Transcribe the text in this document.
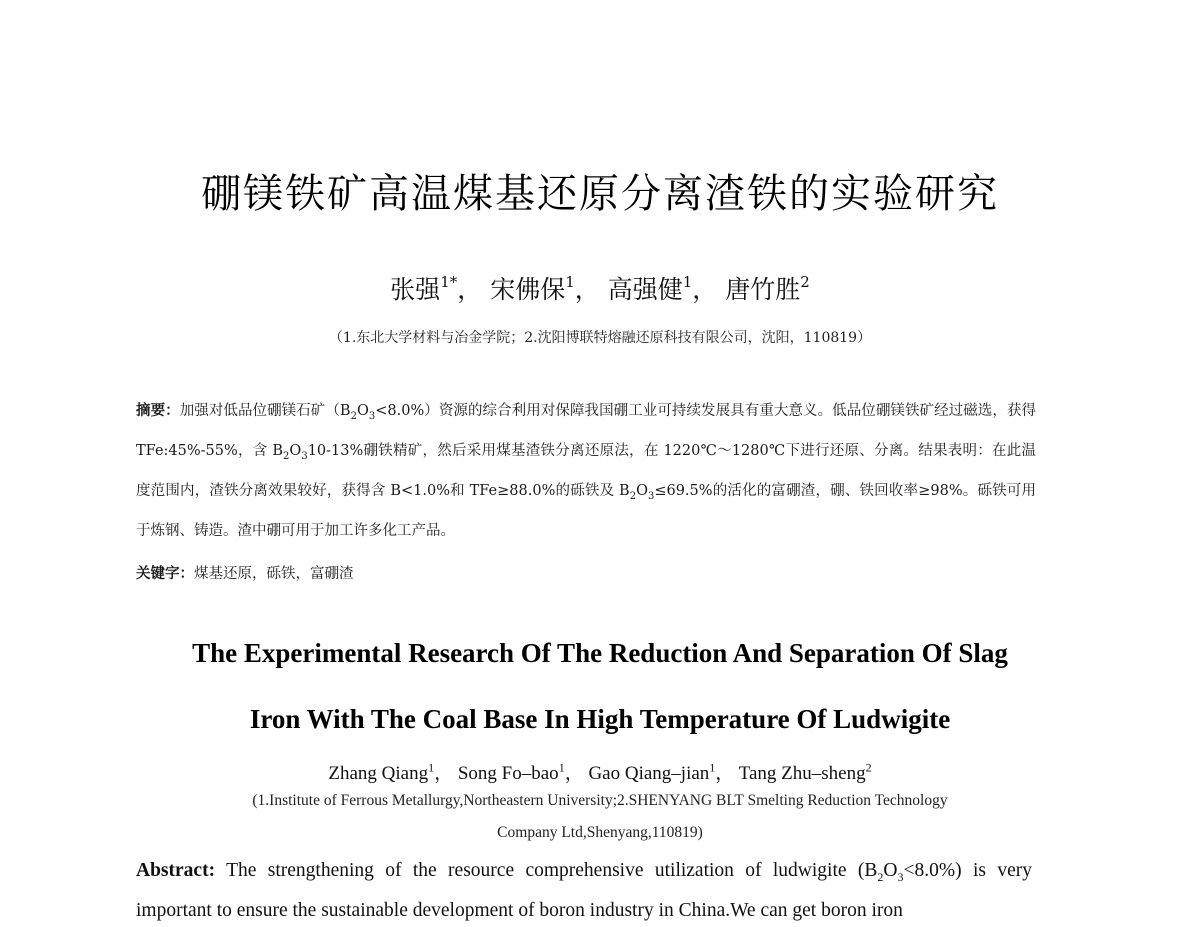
硼镁铁矿高温煤基还原分离渣铁的实验研究
张强$^{1*}$， 宋佛保$^1$， 高强健$^1$， 唐竹胜$^2$
（1.东北大学材料与冶金学院；2.沈阳博联特熔融还原科技有限公司，沈阳，110819）
摘要：加强对低品位硼镁石矿$(B_2O_3<8.0\%)$资源的综合利用对保障我国硼工业可持续发展具有重大意义。低品位硼镁铁矿经过磁选，获得 TFe:45%-55%，含 $B_2O_310-13\%$硼铁精矿，然后采用煤基渣铁分离还原法，在 1220℃～1280℃下进行还原、分离。结果表明：在此温度范围内，渣铁分离效果较好，获得含 B<1.0%和 TFe≥88.0%的砾铁及 $B_2O_3\le 69.5\%$的活化的富硼渣，硼、铁回收率≥98%。砾铁可用于炼钢、铸造。渣中硼可用于加工许多化工产品。
关键字：煤基还原，砾铁，富硼渣
The Experimental Research Of The Reduction And Separation Of Slag
Iron With The Coal Base In High Temperature Of Ludwigite
Zhang Qiang$^1$， Song Fo–bao$^1$， Gao Qiang–jian$^1$， Tang Zhu–sheng$^2$
(1.Institute of Ferrous Metallurgy,Northeastern University;2.SHENYANG BLT Smelting Reduction Technology
Company Ltd,Shenyang,110819)
Abstract: The strengthening of the resource comprehensive utilization of ludwigite $(B_2O_3<8.0\%)$ is very important to ensure the sustainable development of boron industry in China.We can get boron iron
